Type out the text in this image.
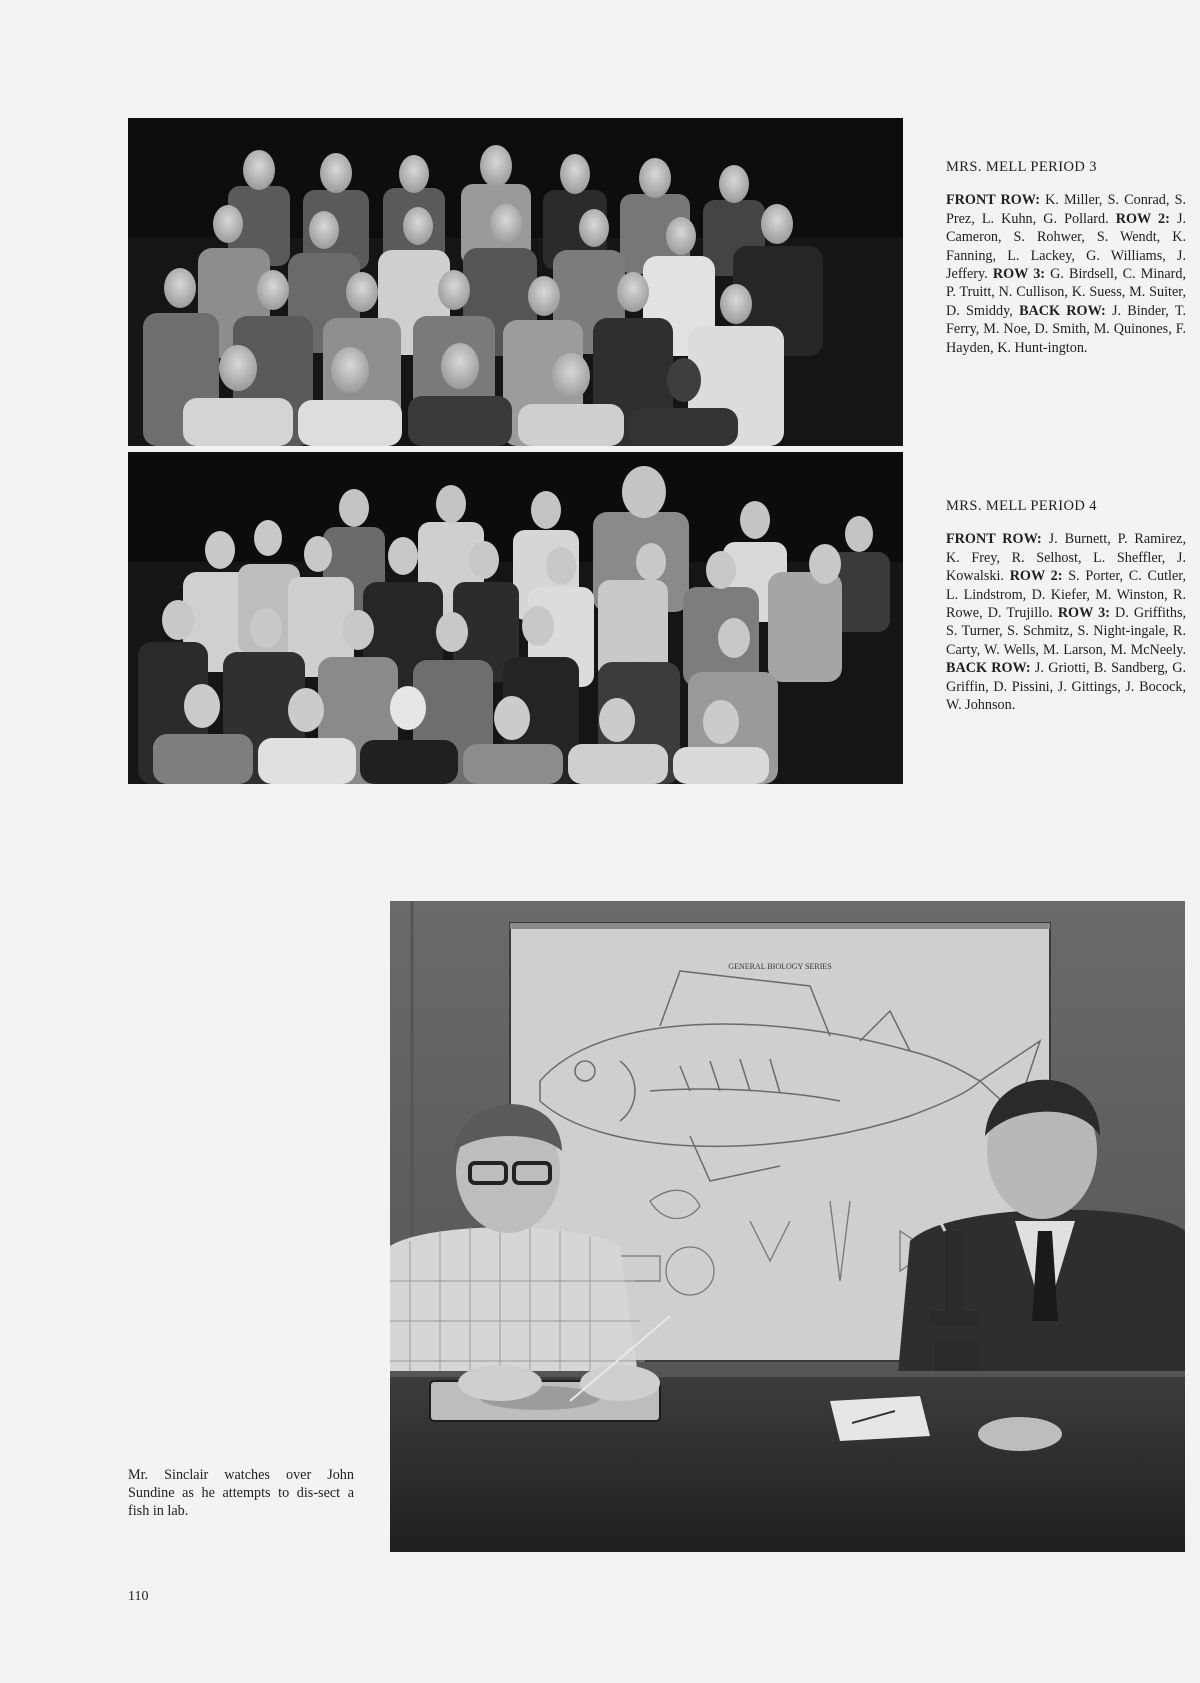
MRS. MELL PERIOD 3

FRONT ROW: K. Miller, S. Conrad, S. Prez, L. Kuhn, G. Pollard. ROW 2: J. Cameron, S. Rohwer, S. Wendt, K. Fanning, L. Lackey, G. Williams, J. Jeffery. ROW 3: G. Birdsell, C. Minard, P. Truitt, N. Cullison, K. Suess, M. Suiter, D. Smiddy, BACK ROW: J. Binder, T. Ferry, M. Noe, D. Smith, M. Quinones, F. Hayden, K. Hunt-ington.

MRS. MELL PERIOD 4

FRONT ROW: J. Burnett, P. Ramirez, K. Frey, R. Selhost, L. Sheffler, J. Kowalski. ROW 2: S. Porter, C. Cutler, L. Lindstrom, D. Kiefer, M. Winston, R. Rowe, D. Trujillo. ROW 3: D. Griffiths, S. Turner, S. Schmitz, S. Night-ingale, R. Carty, W. Wells, M. Larson, M. McNeely. BACK ROW: J. Griotti, B. Sandberg, G. Griffin, D. Pissini, J. Gittings, J. Bocock, W. Johnson.

GENERAL BIOLOGY SERIES

Mr. Sinclair watches over John Sundine as he attempts to dis-sect a fish in lab.

110
